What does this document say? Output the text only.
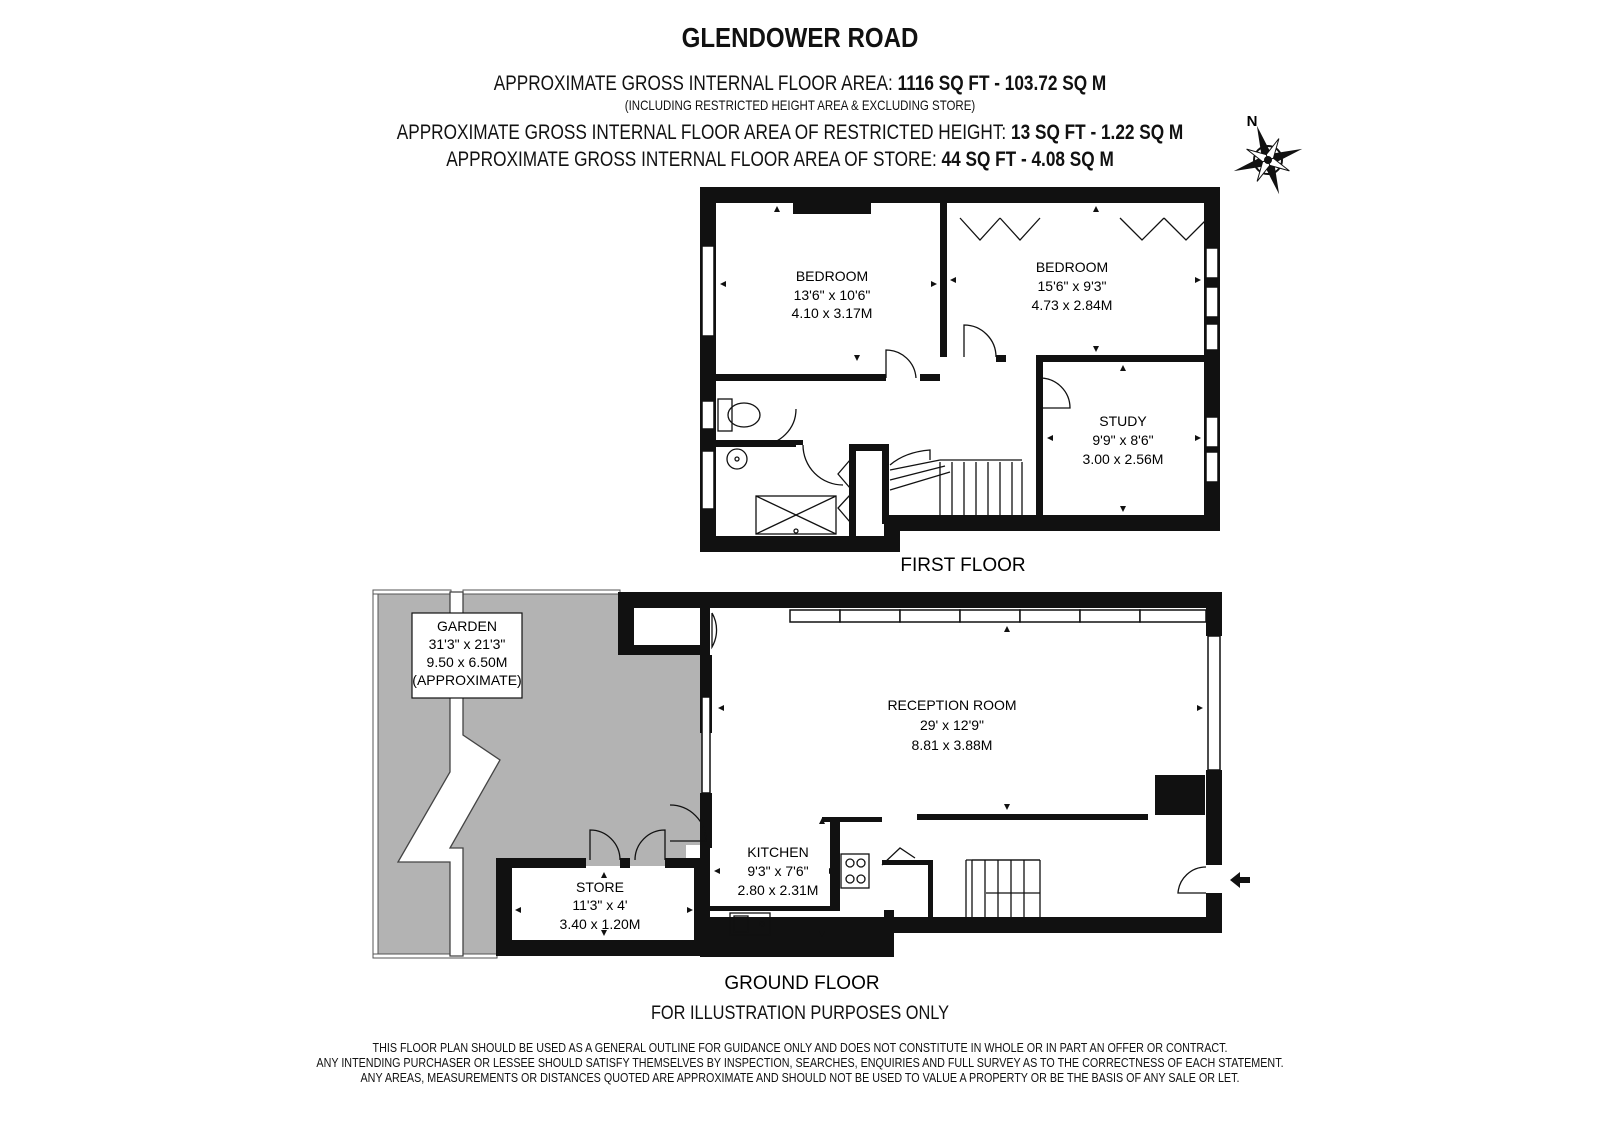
GLENDOWER ROAD
APPROXIMATE GROSS INTERNAL FLOOR AREA: 1116 SQ FT - 103.72 SQ M
(INCLUDING RESTRICTED HEIGHT AREA & EXCLUDING STORE)
APPROXIMATE GROSS INTERNAL FLOOR AREA OF RESTRICTED HEIGHT: 13 SQ FT - 1.22 SQ M
APPROXIMATE GROSS INTERNAL FLOOR AREA OF STORE: 44 SQ FT - 4.08 SQ M
N
BEDROOM
13'6" x 10'6"
4.10 x 3.17M
BEDROOM
15'6" x 9'3"
4.73 x 2.84M
STUDY
9'9" x 8'6"
3.00 x 2.56M
FIRST FLOOR
RECEPTION ROOM
29' x 12'9"
8.81 x 3.88M
KITCHEN
9'3" x 7'6"
2.80 x 2.31M
STORE
11'3" x 4'
3.40 x 1.20M
GARDEN
31'3" x 21'3"
9.50 x 6.50M
(APPROXIMATE)
GROUND FLOOR
FOR ILLUSTRATION PURPOSES ONLY
THIS FLOOR PLAN SHOULD BE USED AS A GENERAL OUTLINE FOR GUIDANCE ONLY AND DOES NOT CONSTITUTE IN WHOLE OR IN PART AN OFFER OR CONTRACT.
ANY INTENDING PURCHASER OR LESSEE SHOULD SATISFY THEMSELVES BY INSPECTION, SEARCHES, ENQUIRIES AND FULL SURVEY AS TO THE CORRECTNESS OF EACH STATEMENT.
ANY AREAS, MEASUREMENTS OR DISTANCES QUOTED ARE APPROXIMATE AND SHOULD NOT BE USED TO VALUE A PROPERTY OR BE THE BASIS OF ANY SALE OR LET.
